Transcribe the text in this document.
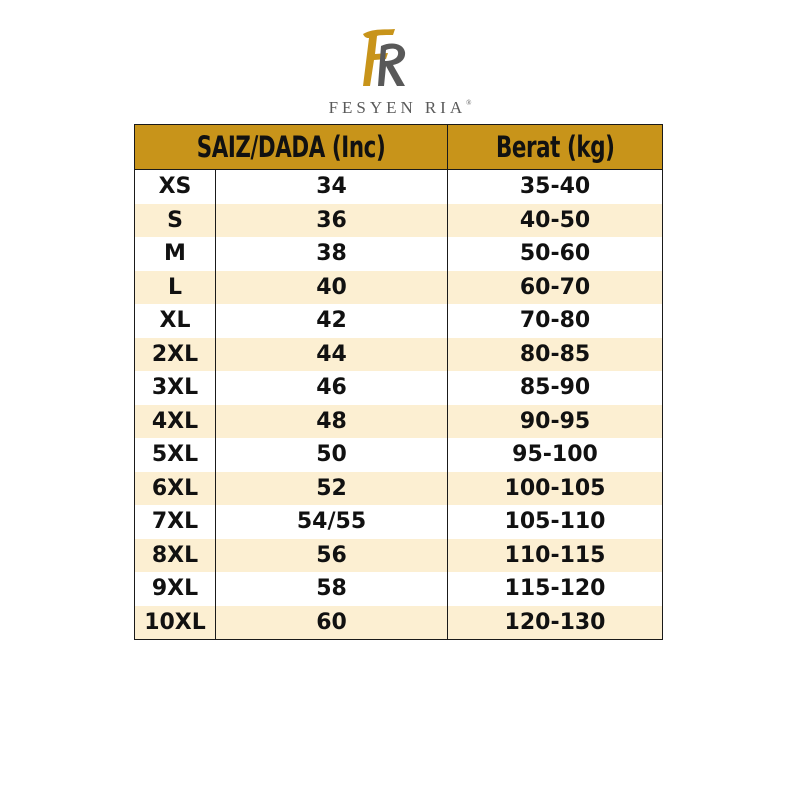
FESYEN RIA®
SAIZ/DADA (Inc)		Berat (kg)
XS	34	35-40
S	36	40-50
M	38	50-60
L	40	60-70
XL	42	70-80
2XL	44	80-85
3XL	46	85-90
4XL	48	90-95
5XL	50	95-100
6XL	52	100-105
7XL	54/55	105-110
8XL	56	110-115
9XL	58	115-120
10XL	60	120-130
